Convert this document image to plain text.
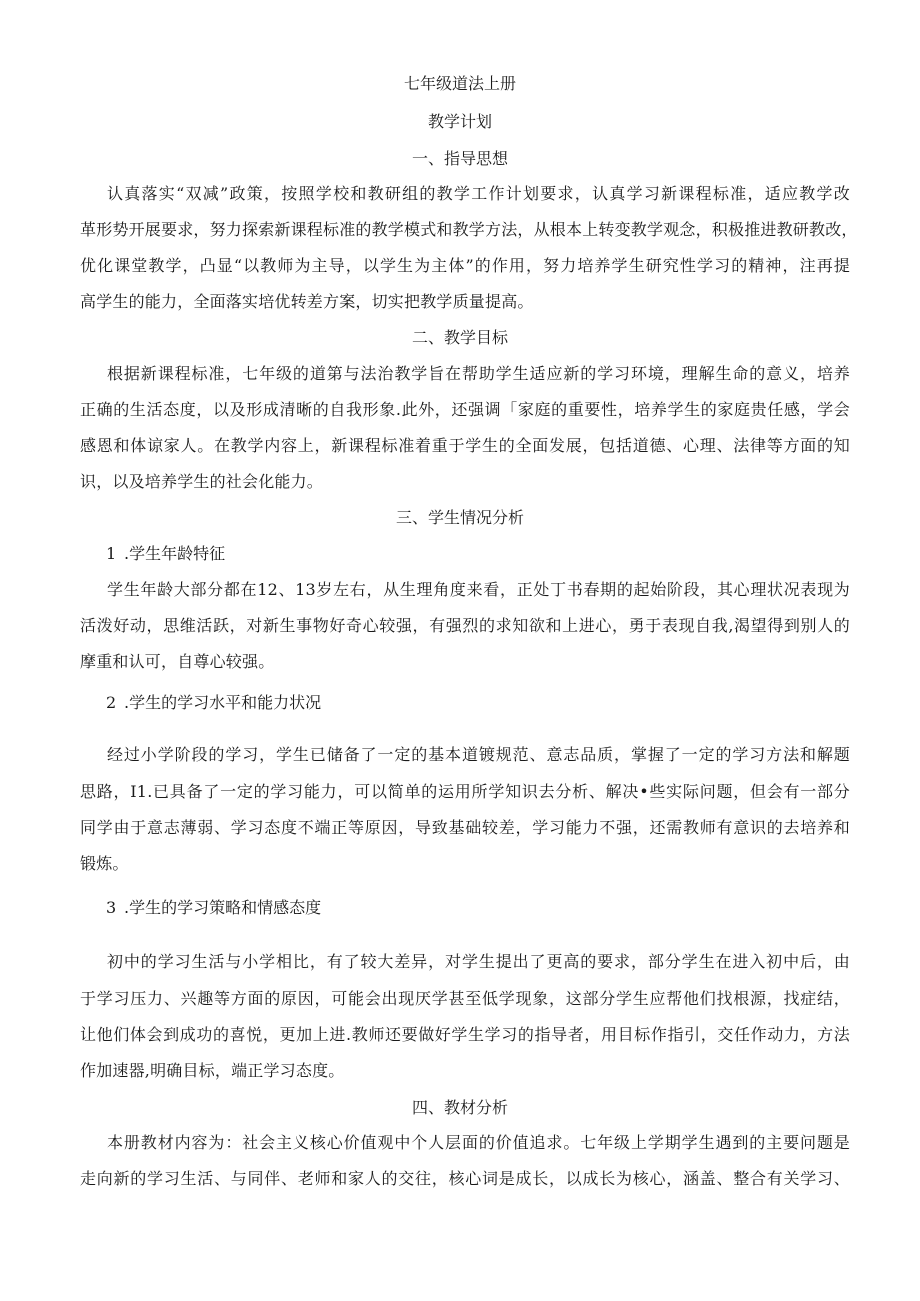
七年级道法上册
教学计划
一、指导思想
认真落实“双减”政策，按照学校和教研组的教学工作计划要求，认真学习新课程标准，适应教学改
革形势开展要求，努力探索新课程标准的教学模式和教学方法，从根本上转变教学观念，积极推进教研教改，
优化课堂教学，凸显“以教师为主导，以学生为主体”的作用，努力培养学生研究性学习的精神，注再提
高学生的能力，全面落实培优转差方案，切实把教学质量提高。
二、教学目标
根据新课程标准，七年级的道第与法治教学旨在帮助学生适应新的学习环境，理解生命的意义，培养
正确的生活态度，以及形成清晰的自我形象.此外，还强调「家庭的重要性，培养学生的家庭贵任感，学会
感恩和体谅家人。在教学内容上，新课程标准着重于学生的全面发展，包括道德、心理、法律等方面的知
识，以及培养学生的社会化能力。
三、学生情况分析
1 .学生年龄特征
学生年龄大部分都在12、13岁左右，从生理角度来看，正处丁书春期的起始阶段，其心理状况表现为
活泼好动，思维活跃，对新生事物好奇心较强，有强烈的求知欲和上进心，勇于表现自我,渴望得到别人的
摩重和认可，自尊心较强。
2 .学生的学习水平和能力状况
经过小学阶段的学习，学生已储备了一定的基本道镀规范、意志品质，掌握了一定的学习方法和解题
思路，I1.已具备了一定的学习能力，可以简单的运用所学知识去分析、解决•些实际问题，但会有一部分
同学由于意志薄弱、学习态度不端正等原因，导致基础较差，学习能力不强，还需教师有意识的去培养和
锻炼。
3 .学生的学习策略和情感态度
初中的学习生活与小学相比，有了较大差异，对学生提出了更高的要求，部分学生在进入初中后，由
于学习压力、兴趣等方面的原因，可能会出现厌学甚至低学现象，这部分学生应帮他们找根源，找症结，
让他们体会到成功的喜悦，更加上进.教师还要做好学生学习的指导者，用目标作指引，交任作动力，方法
作加速器,明确目标，端正学习态度。
四、教材分析
本册教材内容为：社会主义核心价值观中个人层面的价值追求。七年级上学期学生遇到的主要问题是
走向新的学习生活、与同伴、老师和家人的交往，核心词是成长，以成长为核心，涵盖、整合有关学习、
